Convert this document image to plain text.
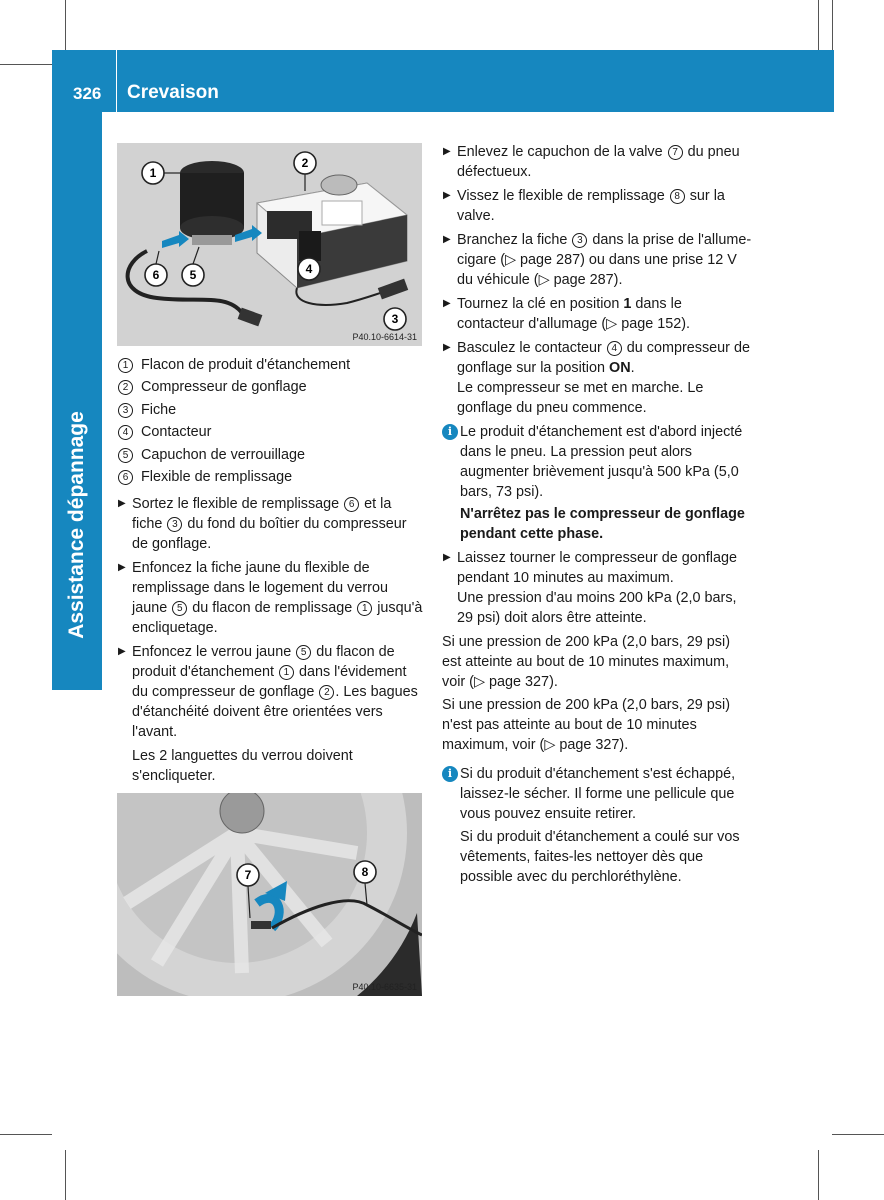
326 Crevaison
Assistance dépannage
1
2
3
4
5
6
P40.10-6614-31
1 Flacon de produit d'étanchement
2 Compresseur de gonflage
3 Fiche
4 Contacteur
5 Capuchon de verrouillage
6 Flexible de remplissage
▶ Sortez le flexible de remplissage 6 et la fiche 3 du fond du boîtier du compresseur de gonflage.
▶ Enfoncez la fiche jaune du flexible de remplissage dans le logement du verrou jaune 5 du flacon de remplissage 1 jusqu'à encliquetage.
▶ Enfoncez le verrou jaune 5 du flacon de produit d'étanchement 1 dans l'évidement du compresseur de gonflage 2 . Les bagues d'étanchéité doivent être orientées vers l'avant.
Les 2 languettes du verrou doivent s'encliqueter.
7	8
P40.10-6635-31
▶ Enlevez le capuchon de la valve 7 du pneu défectueux.
▶ Vissez le flexible de remplissage 8 sur la valve.
▶ Branchez la fiche 3 dans la prise de l'allume-cigare (▷ page 287) ou dans une prise 12 V du véhicule (▷ page 287).
▶ Tournez la clé en position 1 dans le contacteur d'allumage (▷ page 152).
▶ Basculez le contacteur 4 du compresseur de gonflage sur la position ON.
Le compresseur se met en marche. Le gonflage du pneu commence.
i Le produit d'étanchement est d'abord injecté dans le pneu. La pression peut alors augmenter brièvement jusqu'à 500 kPa (5,0 bars, 73 psi).
N'arrêtez pas le compresseur de gonflage pendant cette phase.
▶ Laissez tourner le compresseur de gonflage pendant 10 minutes au maximum.
Une pression d'au moins 200 kPa (2,0 bars, 29 psi) doit alors être atteinte.
Si une pression de 200 kPa (2,0 bars, 29 psi) est atteinte au bout de 10 minutes maximum, voir (▷ page 327).
Si une pression de 200 kPa (2,0 bars, 29 psi) n'est pas atteinte au bout de 10 minutes maximum, voir (▷ page 327).
i Si du produit d'étanchement s'est échappé, laissez-le sécher. Il forme une pellicule que vous pouvez ensuite retirer.
Si du produit d'étanchement a coulé sur vos vêtements, faites-les nettoyer dès que possible avec du perchloréthylène.
